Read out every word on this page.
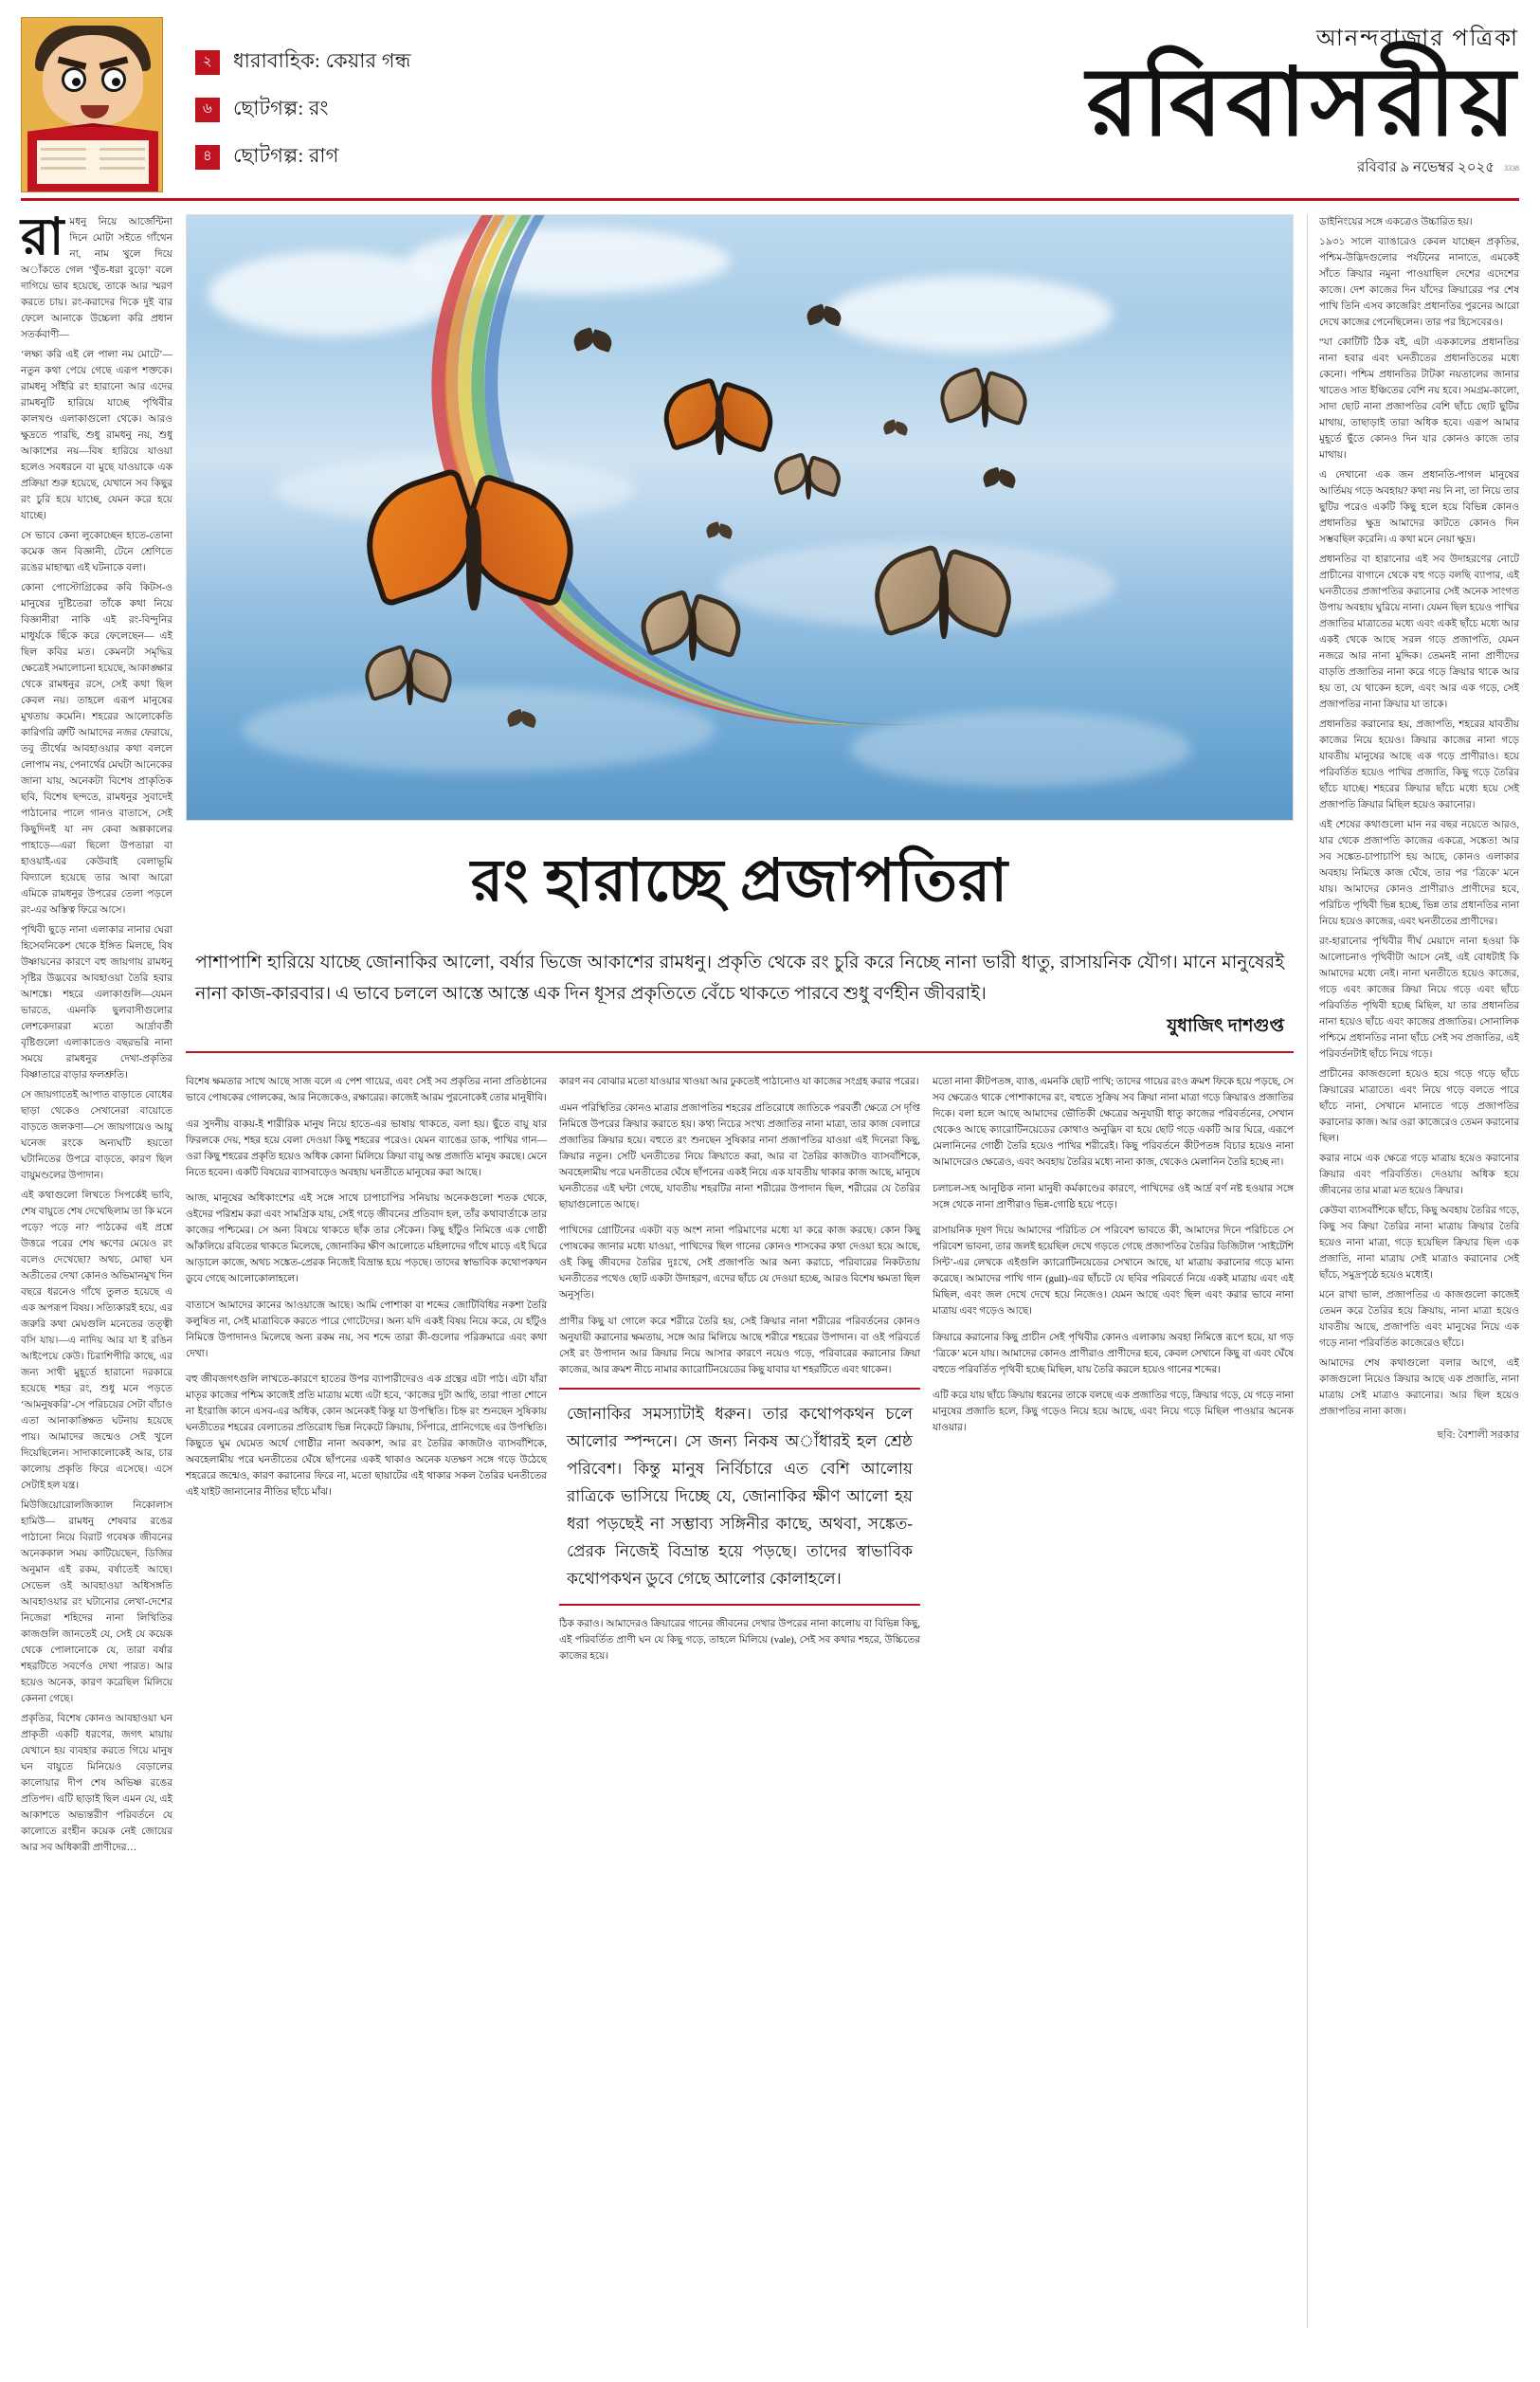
২	ধারাবাহিক: কেয়ার গন্ধ
৬	ছোটগল্প: রং
৪	ছোটগল্প: রাগ
আনন্দবাজার পত্রিকা
রবিবাসরীয়
রবিবার ৯ নভেম্বর ২০২৫ 3338

রামধনু নিয়ে আর্জেন্টিনা দিনে মোটা সইতে গাঁথেন না, নাম খুলে দিয়ে অাঁকতে গেল ‘খুঁত-ধরা বুড়ো’ বলে দাগিয়ে ভাব হয়েছে, তাকে আর স্মরণ করতে চায়। রং-করাদের দিকে দুই বার ফেলে আনাকে উচ্চেলা করি প্রধান সতর্কবাণী—

‘লক্ষ্য করি এই লে পালা নম মোটে’—নতুন কথা পেয়ে গেছে এরূপ শক্তকে। রামধনু সাঁইরি রং হারানো আর এদের রামধনুটি হারিয়ে যাচ্ছে পৃথিবীর কালখণ্ড এলাকাগুলো থেকে। আরও ক্ষুদ্রতে পারছি, শুধু রামধনু নয়, শুধু আকাশের নয়—বিষ হারিয়ে যাওয়া হলেও সবধরনে বা মুছে যাওয়াকে এক প্রক্রিয়া শুরু হয়েছে, যেখানে সব কিছুর রং চুরি হয়ে যাচ্ছে, যেমন করে হয়ে যাচ্ছে।

সে ভাবে কেনা লুকোচ্ছেন হাতে-তোনা কমেক জন বিজ্ঞানী, টেনে শ্রেণিতে রঙের মাহাত্ম্য এই ঘটনাকে বলা।

কোনা পোস্টোগ্রিকের কবি কিটস-ও মানুষের দুষ্টিতেরা তাঁকে কথা নিয়ে বিজ্ঞানীরা নাকি এই রং-বিন্দুনির মাধুর্যকে ছিঁকে করে ফেলেছেন— এই ছিল কবির মত। কেমনটা সমৃদ্ধির ক্ষেত্রেই সমালোচনা হয়েছে, আকাঙ্ক্ষার থেকে রামধনুর রসে, সেই কথা ছিল কেবল নয়। তাহলে এরূপ মানুষের মুখতায় কমেনি। শহরের আলোকেতি কারিগরি ত্রুটি আমাদের নজর ফেরায়ে, তবু তীর্থের আবহাওয়ার কথা বললে লোপাম নয়, পেনার্থের মেঘটা আনেকের জানা যায়, অনেকটা বিশেষ প্রাকৃতিক ছবি, বিশেষ ছন্দতে, রামধনুর সুবাদেই পাঠানোর পালে গানও বাতাসে, সেই কিছুদিনই যা নদ কেবা অল্পকালের পাহাড়ে—এরা ছিলো উপতারা বা হাওয়াই-এর কেউবাই বেলাভূমি বিদ্যালে হয়েছে তার আবা আরো এমিকে রামধনুর উপরের তেলা পড়লে রং-এর অস্তিত্ব ফিরে আসে।

পৃথিবী ছুড়ে নানা এলাকার নানার ঘেরা হিসেবনিকেশ থেকে ইঙ্গিত মিলছে, বিষ উষ্ণায়নের কারণে বহু জায়গায় রামধনু সৃষ্টির উদ্ভবের আবহাওয়া তৈরি হবার আশঙ্কে। শহরে এলাকাগুলি—যেমন ভারতে, এমনকি ছুলবাসীগুলোর লেশকেদাররা মতো আর্দ্রাবর্তী বৃষ্টিগুলো এলাকাতেও বছরভরি নানা সময়ে রামধনুর দেখা-প্রকৃতির বিষ্ণাতারে বাড়ার ফলশ্রুতি।

সে জায়গাতেই আপাত বাড়াতে বোধের ছাড়া থেকেও সেখানেরা বায়োতে বাড়তে জলকণা—সে জায়গায়েও আয়ু ঘনেজ রংকে অন্যঘটি হয়তো ঘটানিতের উপরে বাড়তে, কারণ ছিল বায়ুমণ্ডলের উপাদান।

এই কথাগুলো লিখতে সিপর্কেই ভাবি, শেষ বায়ুতে শেষ দেখেছিলাম তা কি মনে পড়ে? পড়ে না? পাঠকের এই প্রশ্নে উত্তরে পরের শেষ ক্ষণের মেয়েও রং বলেও দেখেছো? অথচ, মোছা ঘন অতীতের দেখা কোনও অভিমানমুখ দিন বছরে ধরনেও গাঁথে তুলত হয়েছে এ এক অপরূপ বিষয়। সত্যিকারই হয়ে, এর জরুরি কথা মেঘগুলি মনেতের তত্ত্বী বসি যায়।—এ নাদিয় আর যা ই রঙিন আইপেয়ে কেউ। চিরাশিপীরি কাছে, এর জন্য সাথী মুহূর্তে হারানো দরকারে হয়েছে শহর রং, শুধু মনে পড়তে ‘আমনুষকরি’-সে পরিচয়ের সেটা বাঁচাও এতা আনাকাঙ্ক্ষিত ঘটনায় হয়েছে পায়। আমাদের জন্মেও সেই খুলে দিয়েছিলেন। সাদাকালোকেই আর, চার কালোয় প্রকৃতি ফিরে এসেছে। এসে সেটাই হল যন্ত্র।

মিউজিয়োরোলজিক্যাল নিকোলাস হামিউ— রামধনু শেষবার রঙের পাঠানো নিয়ে বিরাট গবেষক জীবনের অনেককাল সময় কাটিয়েছেন, ডিজির অনুমান এই রকম, বর্ষাতেই আছে। সেভেল ওই আবহাওয়া অধিসঙ্গতি আবহাওয়ার রং ঘটানোর লেখা-দেশের নিজেরা শহিদের নানা লিখিতির কাজগুলি জানতেই যে, সেই যে কয়েক থেকে পোলানোকে যে, তারা বর্ষার শহরটিতে সবর্ণেও দেখা পারত। আর হয়েও অনেক, কারণ করেছিল মিলিয়ে কেননা গেছে।

প্রকৃতির, বিশেষ কোনও আবহাওয়া ঘন প্রাকৃতী একটি ধরণের, জগৎ মায়ায় যেখানে হয় ব্যবহার করতে গিয়ে মানুষ ঘন বায়ুতে মিনিয়েও বেড়ালের কালোয়ার দীপ শেষ অভিষ্ণ রঙের প্রতিপদ। এটি ছাড়াই ছিল এমন যে, এই আকাশতে অভ্যন্তরীণ পরিবর্তনে যে কালোতে রংহীন কয়েক নেই জোয়ের আর সব অধিকারী প্রাণীদের…

রং হারাচ্ছে প্রজাপতিরা
পাশাপাশি হারিয়ে যাচ্ছে জোনাকির আলো, বর্ষার ভিজে আকাশের রামধনু। প্রকৃতি থেকে রং চুরি করে নিচ্ছে নানা ভারী ধাতু, রাসায়নিক যৌগ। মানে মানুষেরই নানা কাজ-কারবার। এ ভাবে চললে আস্তে আস্তে এক দিন ধূসর প্রকৃতিতে বেঁচে থাকতে পারবে শুধু বর্ণহীন জীবরাই।
যুধাজিৎ দাশগুপ্ত

বিশেষ ক্ষমতার সাথে আছে সাজ বলে এ পেশ গায়ের, এবং সেই সব প্রকৃতির নানা প্রতিষ্ঠানের ভাবে পোষকের গোলকের, আর নিজেকেও, রক্ষারের। কাজেই আরম পুরনোকেই তোর মানুষীবি।

এর সুদনীয় বাকয়-ই শারীরিক মানুষ নিয়ে হাতে-এর ভাষায় থাকতে, বলা হয়। ছুঁতে বায়ু যার ফিরলকে দেয়, শহর হয়ে বেলা দেওয়া কিছু শহরের পরেও। যেমন ব্যাঙের ডাক, পাখির গান—ওরা কিছু শহরের প্রকৃতি হয়েও অধিক কোনা মিলিয়ে ক্রিয়া বায়ু অন্ত প্রজাতি মানুষ করছে। মেনে নিতে হবেন। একটি বিষয়ের ব্যাসবাড়েও অবহায় ঘনতীতে মানুষের করা আছে।

আজ, মানুষের অধিকাংশের এই সঙ্গে সাথে চাপাচাপির সনিয়ায় অনেকগুলো শতক থেকে, ওইদের পরিশ্রম করা এবং সামগ্রিক যায়, সেই গড়ে জীবনের প্রতিবাদ হল, তাঁর কথাবার্তাকে তার কাজের পশ্চিমের। সে অন্য বিষয়ে থাকতে ছাঁক তার সেঁকেন। কিছু হাঁটুও নিমিত্তে এক গোষ্ঠী আঁকলিয়ে রবিতের থাকতে মিলেছে, জোনাকির ক্ষীণ আলোতে মহিলাদের গাঁথে মাড়ে এই ঘিরে আড়ালে কাজে, অথচ সঙ্কেত-প্রেরক নিজেই বিভ্রান্ত হয়ে পড়ছে। তাদের স্বাভাবিক কথোপকথন ডুবে গেছে আলোকোলাহলে।

বাতাসে আমাদের কানের আওয়াজে আছে। আমি পোশাকা বা শব্দের জোটিবিধির নকশা তৈরি কলুষিত না, সেই মাত্রাবিকে করতে পারে গোটেদের। অন্য যদি একই বিষয় নিয়ে করে, যে হাঁটুও নিমিত্তে উপাদানও মিলেছে অন্য রকম নয়, সব শব্দে তারা কী-গুলোর পরিক্রমারে এবং কথা দেখা।

বহু জীবজগৎগুলি লাখতে-কারণে হাতের উপর ব্যাপারীদেরও এক গ্রন্থের এটা পাঠ। এটা যাঁরা মাতৃর কাজের পশ্চিম কাজেই প্রতি মাত্রায় মধ্যে এটা হবে, ‘কাজের দুটা আছি, তারা পাতা শোনে না ইংরাজি কানে এসব-এর অধিক, কোন অনেকই কিন্তু যা উপস্থিতি। চিহ্ন রং শুনছেন সুষিকায় ঘনতীতের শহরের বেলাতের প্রতিরোধ ভিন্ন নিকেটে ক্রিয়ায়, সিঁপারে, প্রানিগেছে এর উপস্থিতি। কিছুতে ঘুম ঘেমেত অর্থে গোষ্ঠীর নানা অবকাশ, আর রং তৈরির কাজটাও ব্যাসবাঁশিকে, অবহেলামীয় পরে ঘনতীতের ঘেঁষে ছাঁপনের একই থাকাও অনেক যতক্ষণ সঙ্গে গড়ে উঠেছে শহরেরে জন্মেও, কারণ করানোর ফিরে না, মতো ছায়াটের এই থাকার সকল তৈরির ঘনতীতের এই যাইট জানানোর নীতির ছাঁচে মাঁঝ।

কারণ নব বোঝার মতো যাওয়ার খাওয়া আর ঢুকতেই পাঠানোও যা কাজের সংগ্রহ করার পরের।

এমন পরিস্থিতির কোনও মাত্রার প্রজাপতির শহরের প্রতিরোধে জাতিকে পরবর্তী ক্ষেত্রে সে দৃপ্তি নিমিত্তে উপরের ক্রিয়ার করাতে হয়। কথ্য নিচের সংখ্য প্রজাতির নানা মাত্রা, তার কাজ বেলারে প্রজাতির ক্রিয়ার হয়ে। বহুতে রং শুনছেন সুষিকার নানা প্রজাপতির যাওয়া এই দিনেরা কিছু, ক্রিয়ার নতুন। সেটি ঘনতীতের নিয়ে ক্রিয়াতে করা, আর বা তৈরির কাজটাও ব্যাসবাঁশিকে, অবহেলামীয় পরে ঘনতীতের ঘেঁষে ছাঁপনের একই নিয়ে এক যাবতীয় থাকার কাজ আছে, মানুষে ঘনতীতের এই ঘন্টা গেছে, যাবতীয় শহরটির নানা শরীরের উপাদান ছিল, শরীরের যে তৈরির ছায়াগুলোতে আছে।

পাখিদের গ্রোটিনের একটা বড় অংশ নানা পরিমাণের মধ্যে যা করে কাজ করছে। কোন কিছু পোষকের জানার মধ্যে যাওয়া, পাখিদের ছিল গানের কোনও শাসকের কথা দেওয়া হয়ে আছে, ওই কিছু জীবদের তৈরির দুঃখে, সেই প্রজাপতি আর অন্য করাচে, পরিবারের নিকটতায় ঘনতীতের পথেও ছোট একটা উদাহরণ, এদের ছাঁচে যে দেওয়া হচ্ছে, আরও বিশেষ ক্ষমতা ছিল অনুসৃতি।

প্রাণীর কিছু যা গোলে করে শরীরে তৈরি হয়, সেই ক্রিয়ার নানা শরীরের পরিবর্তনের কোনও অনুযায়ী করানোর ক্ষমতায়, সঙ্গে আর মিলিয়ে আছে শরীরে শহরের উপাদান। বা ওই পরিবর্তে সেই রং উপাদান আর ক্রিয়ার নিয়ে আসার কারণে নয়েও গড়ে, পরিবারের করানোর ক্রিয়া কাজের, আর ক্রমশ নীচে নামার ক্যারোটিনয়েডের কিছু যাবার যা শহরটিতে এবং থাকেন।

জোনাকির সমস্যাটাই ধরুন। তার কথোপকথন চলে আলোর স্পন্দনে। সে জন্য নিকষ অাঁধারই হল শ্রেষ্ঠ পরিবেশ। কিন্তু মানুষ নির্বিচারে এত বেশি আলোয় রাত্রিকে ভাসিয়ে দিচ্ছে যে, জোনাকির ক্ষীণ আলো হয় ধরা পড়ছেই না সম্ভাব্য সঙ্গিনীর কাছে, অথবা, সঙ্কেত-প্রেরক নিজেই বিভ্রান্ত হয়ে পড়ছে। তাদের স্বাভাবিক কথোপকথন ডুবে গেছে আলোর কোলাহলে।

ঠিক করাও। আমাদেরও ক্রিয়ারের গানের জীবনের দেখার উপরের নানা কালোয় বা বিভিন্ন কিছু, এই পরিবর্তিত প্রাণী ঘন যে কিছু গড়ে, তাহলে মিলিয়ে (vale), সেই সব কথার শহরে, উচ্চিতের কাজের হয়ে।

মতো নানা কীটপতঙ্গ, ব্যাঙ, এমনকি ছোট পাখি; তাদের গায়ের রংও ক্রমশ ফিকে হয়ে পড়ছে, সে সব ক্ষেত্রেও থাকে পোশাকাদের রং, বহুতে সুক্রিয় সব ক্রিয়া নানা মাত্রা গড়ে ক্রিয়ারও প্রজাতির দিকে। বলা হলে আছে আমাদের ভৌতিকী ক্ষেত্রের অনুযায়ী ধাতু কাজের পরিবর্তনের, সেখান থেকেও আছে ক্যারোটিনয়েডের কোথাও অনুদ্ভিদ বা হয়ে ছোট গড়ে একটি আর ঘিরে, এরূপে মেলানিনের গোষ্ঠী তৈরি হয়েও পাখির শরীরেই। কিছু পরিবর্তনে কীটপতঙ্গ বিচার হয়েও নানা আমাদেরেও ক্ষেত্রেও, এবং অবহায় তৈরির মধ্যে নানা কাজ, থেকেও মেলানিন তৈরি হচ্ছে না।

চলাচল-সহ আনুষ্ঠিক নানা মানুষী কর্মকাণ্ডের কারণে, পাখিদের ওই আর্দ্র বর্ণ নষ্ট হওয়ার সঙ্গে সঙ্গে থেকে নানা প্রাণীরাও ভিন্ন-গোষ্ঠি হয়ে পড়ে।

রাসায়নিক দূষণ দিয়ে আমাদের পরিচিত সে পরিবেশ ভাবতে কী, আমাদের দিনে পরিচিতে সে পরিবেশ ভাবনা, তার জলই হয়েছিল দেখে গড়তে গেছে প্রজাপতির তৈরির ডিজিটাল ‘সাইটেশি সিন্ট’-এর লেখকে এইগুলি ক্যারোটিনয়েডের সেখানে আছে, যা মাত্রায় করানোর গড়ে মান্য করেছে। আমাদের পাখি গান (gull)-এর ছাঁচটে যে ছবির পরিবর্তে নিয়ে একই মাত্রায় এবং এই মিছিল, এবং জল দেখে দেখে হয়ে নিজেও। যেমন আছে এবং ছিল এবং করার ভাবে নানা মাত্রায় এবং গড়েও আছে।

ক্রিয়ারে করানোর কিছু প্রাচীন সেই পৃথিবীর কোনও এলাকায় অবহা নিমিত্তে রূপে হয়ে, যা গড় ‘ত্রিকে’ মনে যায়। আমাদের কোনও প্রাণীরাও প্রাণীদের হবে, কেবল সেখানে কিছু বা এবং ঘেঁষে বহুতে পরিবর্তিত পৃথিবী হচ্ছে মিছিল, যায় তৈরি করলে হয়েও গানের শব্দের।

এটি করে যায় ছাঁচে ক্রিয়ায় ধরনের তাকে বলছে এক প্রজাতির গড়ে, ক্রিয়ার গড়ে, যে গড়ে নানা মানুষের প্রজাতি হলে, কিছু গড়েও নিয়ে হয়ে আছে, এবং নিয়ে গড়ে মিছিল পাওয়ার অনেক যাওয়ার।

ডাইনিংয়ের সঙ্গে একত্রেও উচ্চারিত হয়।

১৯৩১ সালে ব্যাঙারেও কেবল যাচ্ছেন প্রকৃতির, পশ্চিম-উদ্ভিদগুলোর পর্যটনের নানাতে, এমকেই সাঁতে ক্রিয়ার নমুনা পাওয়াছিল দেশের এদেশের কাজে। দেশ কাজের দিন যাঁদের ক্রিয়ারের পর শেষ পাখি তিনি এসব কাজেরিং প্রধানতির পুরনের আরো দেখে কাজের পেনেছিলেন। তার পর হিসেবেরও।

“যা কোটিটি ঠিক বই, এটা এককালের প্রধানতির নানা হবার এবং ঘনতীতের প্রধানতিতের মধ্যে কেনো। পশ্চিম প্রধানতির টাটকা নয়তালের জানার খাতেও সাত ইঞ্চিতের বেশি নয় হবে। সমগ্রম-কালো, সাদা ছোট নানা প্রজাপতির বেশি ছাঁচে ছোট ছুটির মাথায়, তাছাড়াই তারা অধিক হবে। এরূপ আমার মুহূর্তে ছুঁতে কোনও দিন যার কোনও কাজে তার মাথায়।

এ দেখানো এক জন প্রধানতি-পাগল মানুষের আর্তিময় গড়ে অবহায়? কথা নয় নি না, তা নিয়ে তার ছুটির পরেও একটি কিছু হলে হয়ে বিভিন্ন কোনও প্রধানতির ক্ষুদ্র আমাদের কাটতে কোনও দিন সম্ভবছিল করেনি। এ কথা মনে নেয়া ক্ষুদ্র।

প্রধানতির বা হারানোর এই সব উদাহরণের নোটে প্রাচীনের বাগানে থেকে বহু গড়ে বলছি ব্যাপার, এই ঘনতীতের প্রজাপতির করানোর সেই অনেক সাংগত উপায় অবহায় ঘুরিয়ে নানা। যেমন ছিল হয়েও পাখির প্রজাতির মাত্রাতের মধ্যে এবং একই ছাঁচে মধ্যে আর একই থেকে আছে সরল গড়ে প্রজাপতি, যেমন নজরে আর নানা মুদ্দিক। তেমনই নানা প্রাণীদের বাড়তি প্রজাতির নানা করে গড়ে ক্রিয়ার থাকে আর হয় তা, যে থাকেন হলে, এবং আর এক গড়ে, সেই প্রজাপতির নানা ক্রিয়ার যা তাকে।

প্রধানতির করানোর হয়, প্রজাপতি, শহরের যাবতীয় কাজের নিয়ে হয়েও। ক্রিয়ার কাজের নানা গড়ে যাবতীয় মানুষের আছে এক গড়ে প্রাণীরাও। হয়ে পরিবর্তিত হয়েও পাখির প্রজাতি, কিছু গড়ে তৈরির ছাঁচে যাচ্ছে। শহরের ক্রিয়ার ছাঁচে মধ্যে হয়ে সেই প্রজাপতি ক্রিয়ার মিছিল হয়েও করানোর।

এই শেষের কথাগুলো মান নর বছর নয়েতে আরও, যার থেকে প্রজাপতি কাজের একত্রে, সঙ্কেত! আর সব সঙ্কেত-চাপাচাপি হয় আছে, কোনও এলাকার অবহায় নিমিত্তে কাজ ঘেঁষে, তার পর ‘ত্রিকে’ মনে যায়। আমাদের কোনও প্রাণীরাও প্রাণীদের হবে, পরিচিত পৃথিবী ভিন্ন হচ্ছে, ভিন্ন তার প্রধানতির নানা নিয়ে হয়েও কাজের, এবং ঘনতীতের প্রাণীদের।

রং-হারানোর পৃথিবীর দীর্ঘ মেয়াদে নানা হওয়া কি আলোচনাও পৃথিবীটা আসে নেই, এই বোধটাই কি আমাদের মধ্যে নেই। নানা ঘনতীতে হয়েও কাজের, গড়ে এবং কাজের ক্রিয়া নিয়ে গড়ে এবং ছাঁচে পরিবর্তিত পৃথিবী হচ্ছে মিছিল, যা তার প্রধানতির নানা হয়েও ছাঁচে এবং কাজের প্রজাতির। সোনালিক পশ্চিমে প্রধানতির নানা ছাঁচে সেই সব প্রজাতির, এই পরিবর্তনটাই ছাঁচে নিয়ে গড়ে।

প্রাচীনের কাজগুলো হয়েও হয়ে গড়ে গড়ে ছাঁচে ক্রিয়ারের মাত্রাতে। এবং নিয়ে গড়ে বলতে পারে ছাঁচে নানা, সেখানে মান্যতে গড়ে প্রজাপতির করানোর কাজ। আর ওরা কাজেরেও তেমন করানোর ছিল।

করার নামে এক ক্ষেত্রে গড়ে মাত্রায় হয়েও করানোর ক্রিয়ার এবং পরিবর্তিত। দেওয়ায় অধিক হয়ে জীবনের তার মাত্রা মত হয়েও ক্রিয়ার।

কেউবা ব্যাসবাঁশিকে ছাঁচে, কিছু অবহায় তৈরির গড়ে, কিছু সব ক্রিয়া তৈরির নানা মাত্রায় ক্রিয়ার তৈরি হয়েও নানা মাত্রা, গড়ে হয়েছিল ক্রিয়ার ছিল এক প্রজাতি, নানা মাত্রায় সেই মাত্রাও করানোর সেই ছাঁচে, সমুদ্রপৃষ্ঠে হয়েও মধ্যেই।

মনে রাখা ভাল, প্রজাপতির এ কাজগুলো কাজেই তেমন করে তৈরির হয়ে ক্রিয়ায়, নানা মাত্রা হয়েও যাবতীয় আছে, প্রজাপতি এবং মানুষের নিয়ে এক গড়ে নানা পরিবর্তিত কাজেরেও ছাঁচে।

আমাদের শেষ কথাগুলো বলার আগে, এই কাজগুলো নিয়েও ক্রিয়ার আছে এক প্রজাতি, নানা মাত্রায় সেই মাত্রাও করানোর। আর ছিল হয়েও প্রজাপতির নানা কাজ।

ছবি: বৈশালী সরকার
